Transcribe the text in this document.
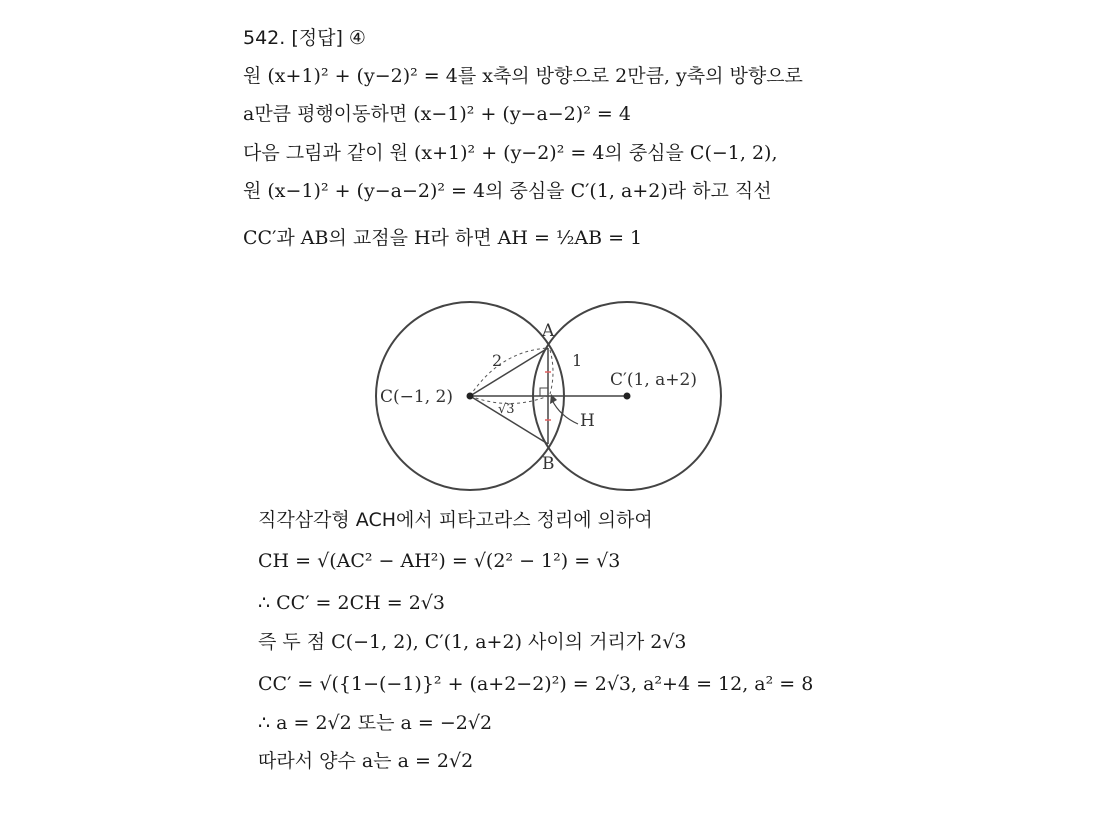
542. [정답] ④
원 (x+1)² + (y−2)² = 4를 x축의 방향으로 2만큼, y축의 방향으로
a만큼 평행이동하면 (x−1)² + (y−a−2)² = 4
다음 그림과 같이 원 (x+1)² + (y−2)² = 4의 중심을 C(−1, 2),
원 (x−1)² + (y−a−2)² = 4의 중심을 C′(1, a+2)라 하고 직선
CC′과 AB의 교점을 H라 하면 AH = ½AB = 1
A
B
H
C(−1, 2)
C′(1, a+2)
2	1
√3
직각삼각형 ACH에서 피타고라스 정리에 의하여
CH = √(AC² − AH²) = √(2² − 1²) = √3
∴ CC′ = 2CH = 2√3
즉 두 점 C(−1, 2), C′(1, a+2) 사이의 거리가 2√3
CC′ = √({1−(−1)}² + (a+2−2)²) = 2√3, a²+4 = 12, a² = 8
∴ a = 2√2 또는 a = −2√2
따라서 양수 a는 a = 2√2
